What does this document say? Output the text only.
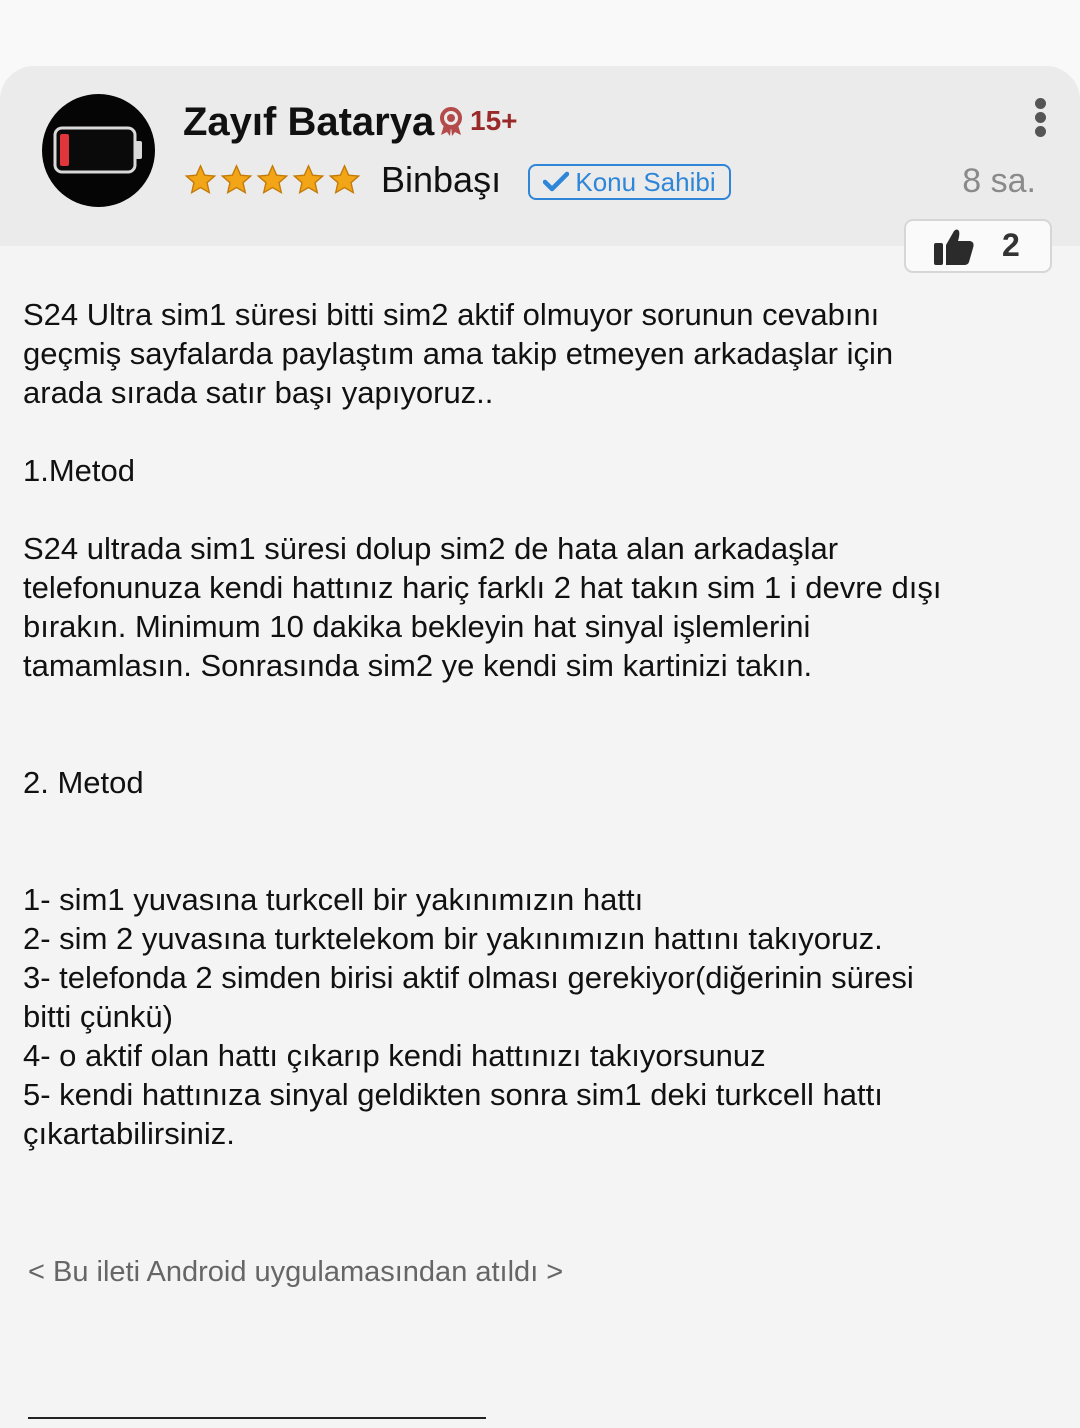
Zayıf Batarya 15+
Binbaşı	Konu Sahibi	8 sa.
2
S24 Ultra sim1 süresi bitti sim2 aktif olmuyor sorunun cevabını
geçmiş sayfalarda paylaştım ama takip etmeyen arkadaşlar için
arada sırada satır başı yapıyoruz..
1.Metod
S24 ultrada sim1 süresi dolup sim2 de hata alan arkadaşlar
telefonunuza kendi hattınız hariç farklı 2 hat takın sim 1 i devre dışı
bırakın. Minimum 10 dakika bekleyin hat sinyal işlemlerini
tamamlasın. Sonrasında sim2 ye kendi sim kartinizi takın.
2. Metod
1- sim1 yuvasına turkcell bir yakınımızın hattı
2- sim 2 yuvasına turktelekom bir yakınımızın hattını takıyoruz.
3- telefonda 2 simden birisi aktif olması gerekiyor(diğerinin süresi
bitti çünkü)
4- o aktif olan hattı çıkarıp kendi hattınızı takıyorsunuz
5- kendi hattınıza sinyal geldikten sonra sim1 deki turkcell hattı
çıkartabilirsiniz.
< Bu ileti Android uygulamasından atıldı >
